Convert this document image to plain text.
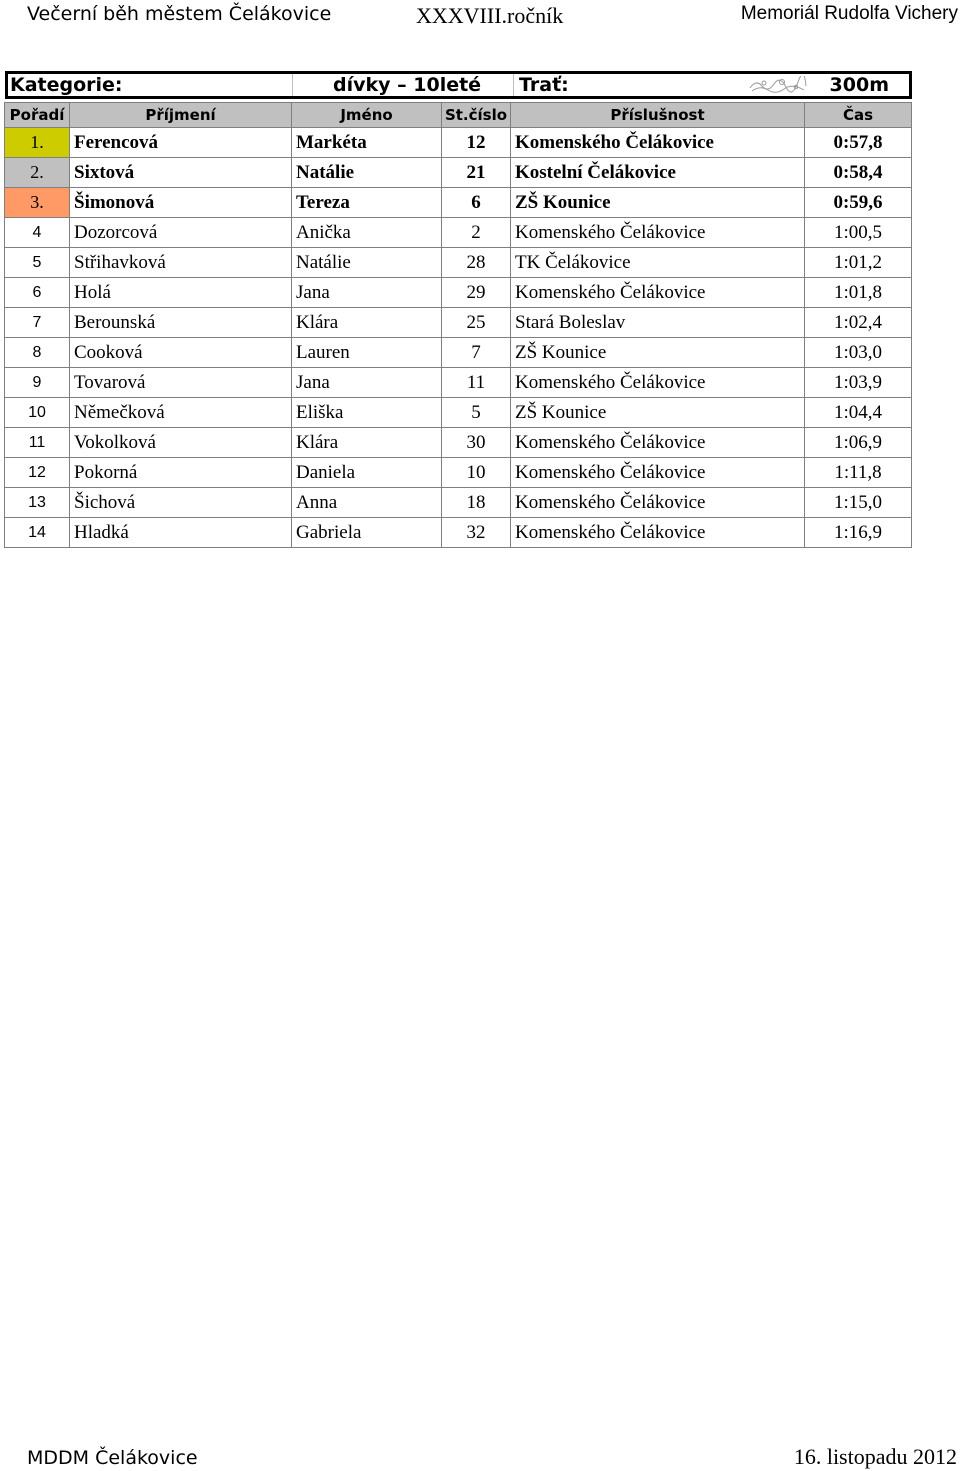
Večerní běh městem Čelákovice	XXXVIII.ročník	Memoriál Rudolfa Vichery
Kategorie:	dívky – 10leté Trať:	300m
Pořadí	Příjmení	Jméno	St.číslo	Příslušnost	Čas
1.	Ferencová	Markéta	12	Komenského Čelákovice	0:57,8
2.	Sixtová	Natálie	21	Kostelní Čelákovice	0:58,4
3.	Šimonová	Tereza	6	ZŠ Kounice	0:59,6
4	Dozorcová	Anička	2	Komenského Čelákovice	1:00,5
5	Střihavková	Natálie	28	TK Čelákovice	1:01,2
6	Holá	Jana	29	Komenského Čelákovice	1:01,8
7	Berounská	Klára	25	Stará Boleslav	1:02,4
8	Cooková	Lauren	7	ZŠ Kounice	1:03,0
9	Tovarová	Jana	11	Komenského Čelákovice	1:03,9
10	Němečková	Eliška	5	ZŠ Kounice	1:04,4
11	Vokolková	Klára	30	Komenského Čelákovice	1:06,9
12	Pokorná	Daniela	10	Komenského Čelákovice	1:11,8
13	Šichová	Anna	18	Komenského Čelákovice	1:15,0
14	Hladká	Gabriela	32	Komenského Čelákovice	1:16,9
MDDM Čelákovice	16. listopadu 2012
